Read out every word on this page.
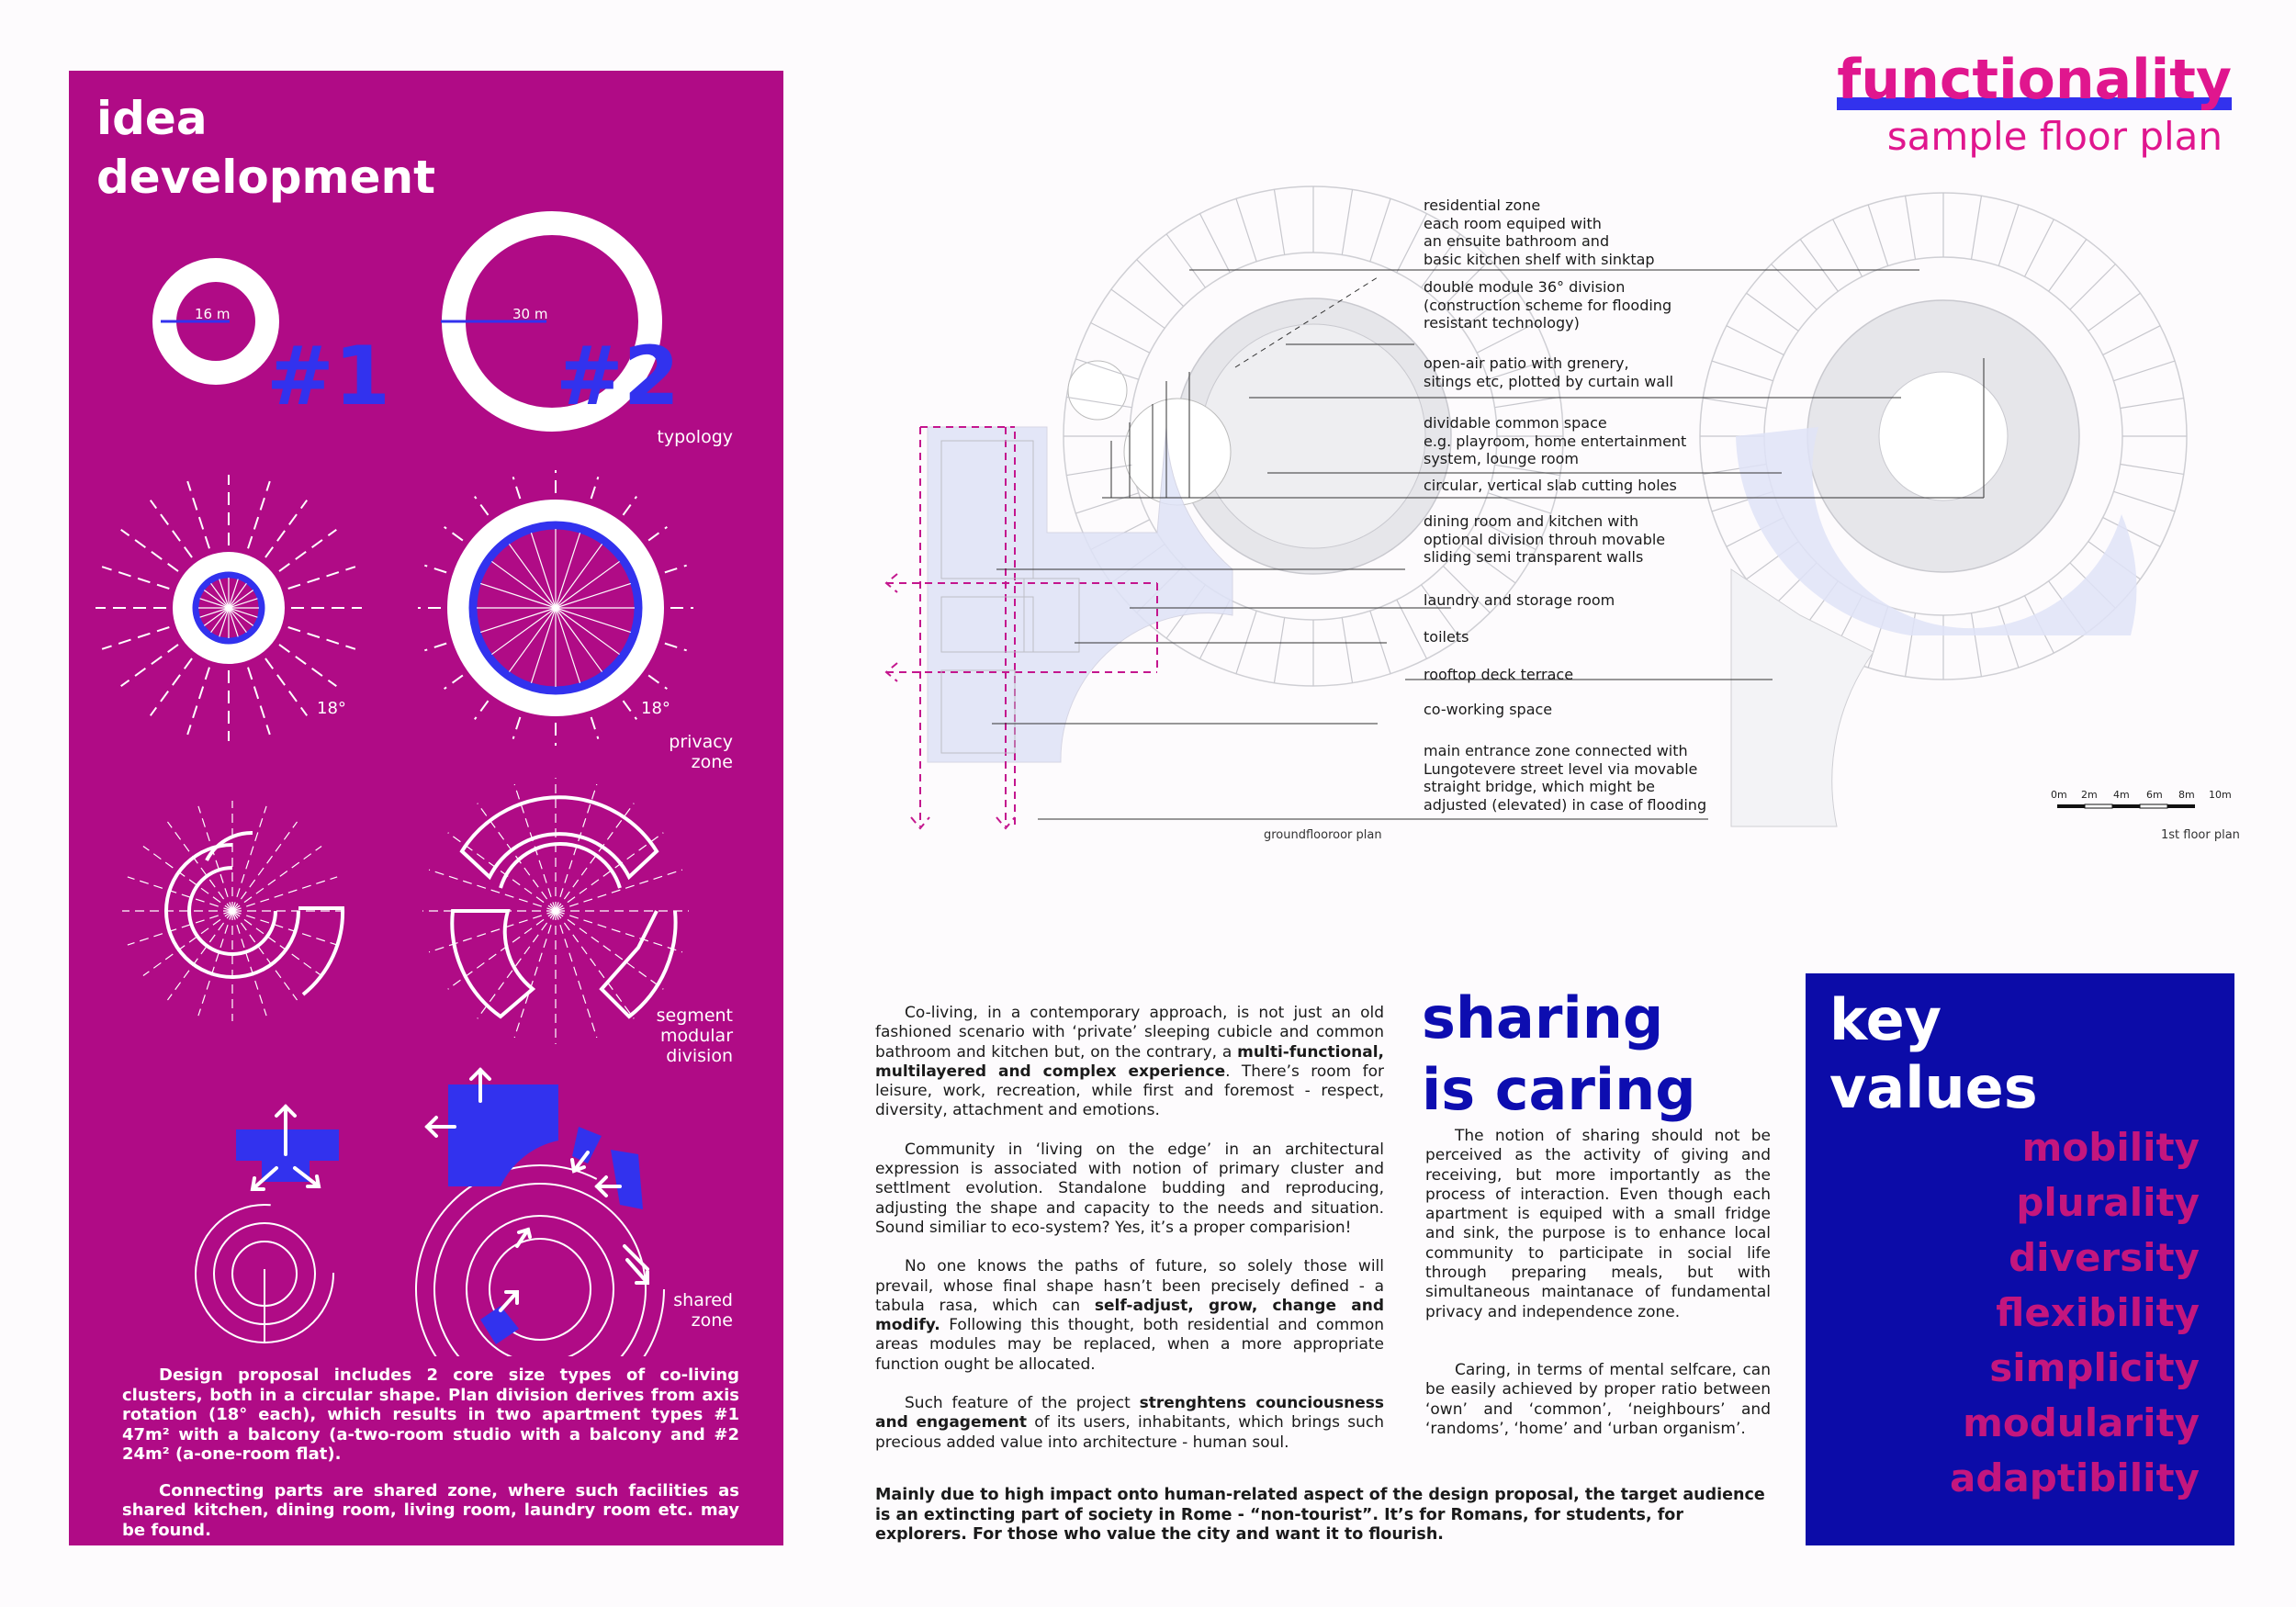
idea
development
16 m
#1
30 m
#2
18°	18°
typology
privacy
zone
segment
modular
division
shared
zone

Design proposal includes 2 core size types of co-living clusters, both in a circular shape. Plan division derives from axis rotation (18° each), which results in two apartment types #1 47m² with a balcony (a-two-room studio with a balcony and #2 24m² (a-one-room flat).

Connecting parts are shared zone, where such facilities as shared kitchen, dining room, living room, laundry room etc. may be found.

functionality
sample floor plan
0m 2m 4m 6m 8m 10m
groundflooroor plan	1st floor plan
residential zone
each room equiped with
an ensuite bathroom and
basic kitchen shelf with sinktap
double module 36° division
(construction scheme for flooding
resistant technology)
open-air patio with grenery,
sitings etc, plotted by curtain wall
dividable common space
e.g. playroom, home entertainment
system, lounge room
circular, vertical slab cutting holes
dining room and kitchen with
optional division throuh movable
sliding semi transparent walls
laundry and storage room
toilets
rooftop deck terrace
co-working space
main entrance zone connected with
Lungotevere street level via movable
straight bridge, which might be
adjusted (elevated) in case of flooding

Co-living, in a contemporary approach, is not just an old fashioned scenario with ‘private’ sleeping cubicle and common bathroom and kitchen but, on the contrary, a multi-functional, multilayered and complex experience. There’s room for leisure, work, recreation, while first and foremost - respect, diversity, attachment and emotions.

Community in ‘living on the edge’ in an architectural expression is associated with notion of primary cluster and settlment evolution. Standalone budding and reproducing, adjusting the shape and capacity to the needs and situation. Sound similiar to eco-system? Yes, it’s a proper comparision!

No one knows the paths of future, so solely those will prevail, whose final shape hasn’t been precisely defined - a tabula rasa, which can self-adjust, grow, change and modify. Following this thought, both residential and common areas modules may be replaced, when a more appropriate function ought be allocated.

Such feature of the project strenghtens counciousness and engagement of its users, inhabitants, which brings such precious added value into architecture - human soul.

sharing
is caring

The notion of sharing should not be perceived as the activity of giving and receiving, but more importantly as the process of interaction. Even though each apartment is equiped with a small fridge and sink, the purpose is to enhance local community to participate in social life through preparing meals, but with simultaneous maintanace of fundamental privacy and independence zone.

Caring, in terms of mental selfcare, can be easily achieved by proper ratio between ‘own’ and ‘common’, ‘neighbours’ and ‘randoms’, ‘home’ and ‘urban organism’.

Mainly due to high impact onto human-related aspect of the design proposal, the target audience is an extincting part of society in Rome - “non-tourist”. It’s for Romans, for students, for explorers. For those who value the city and want it to flourish.
key
values
mobility
plurality
diversity
flexibility
simplicity
modularity
adaptibility
